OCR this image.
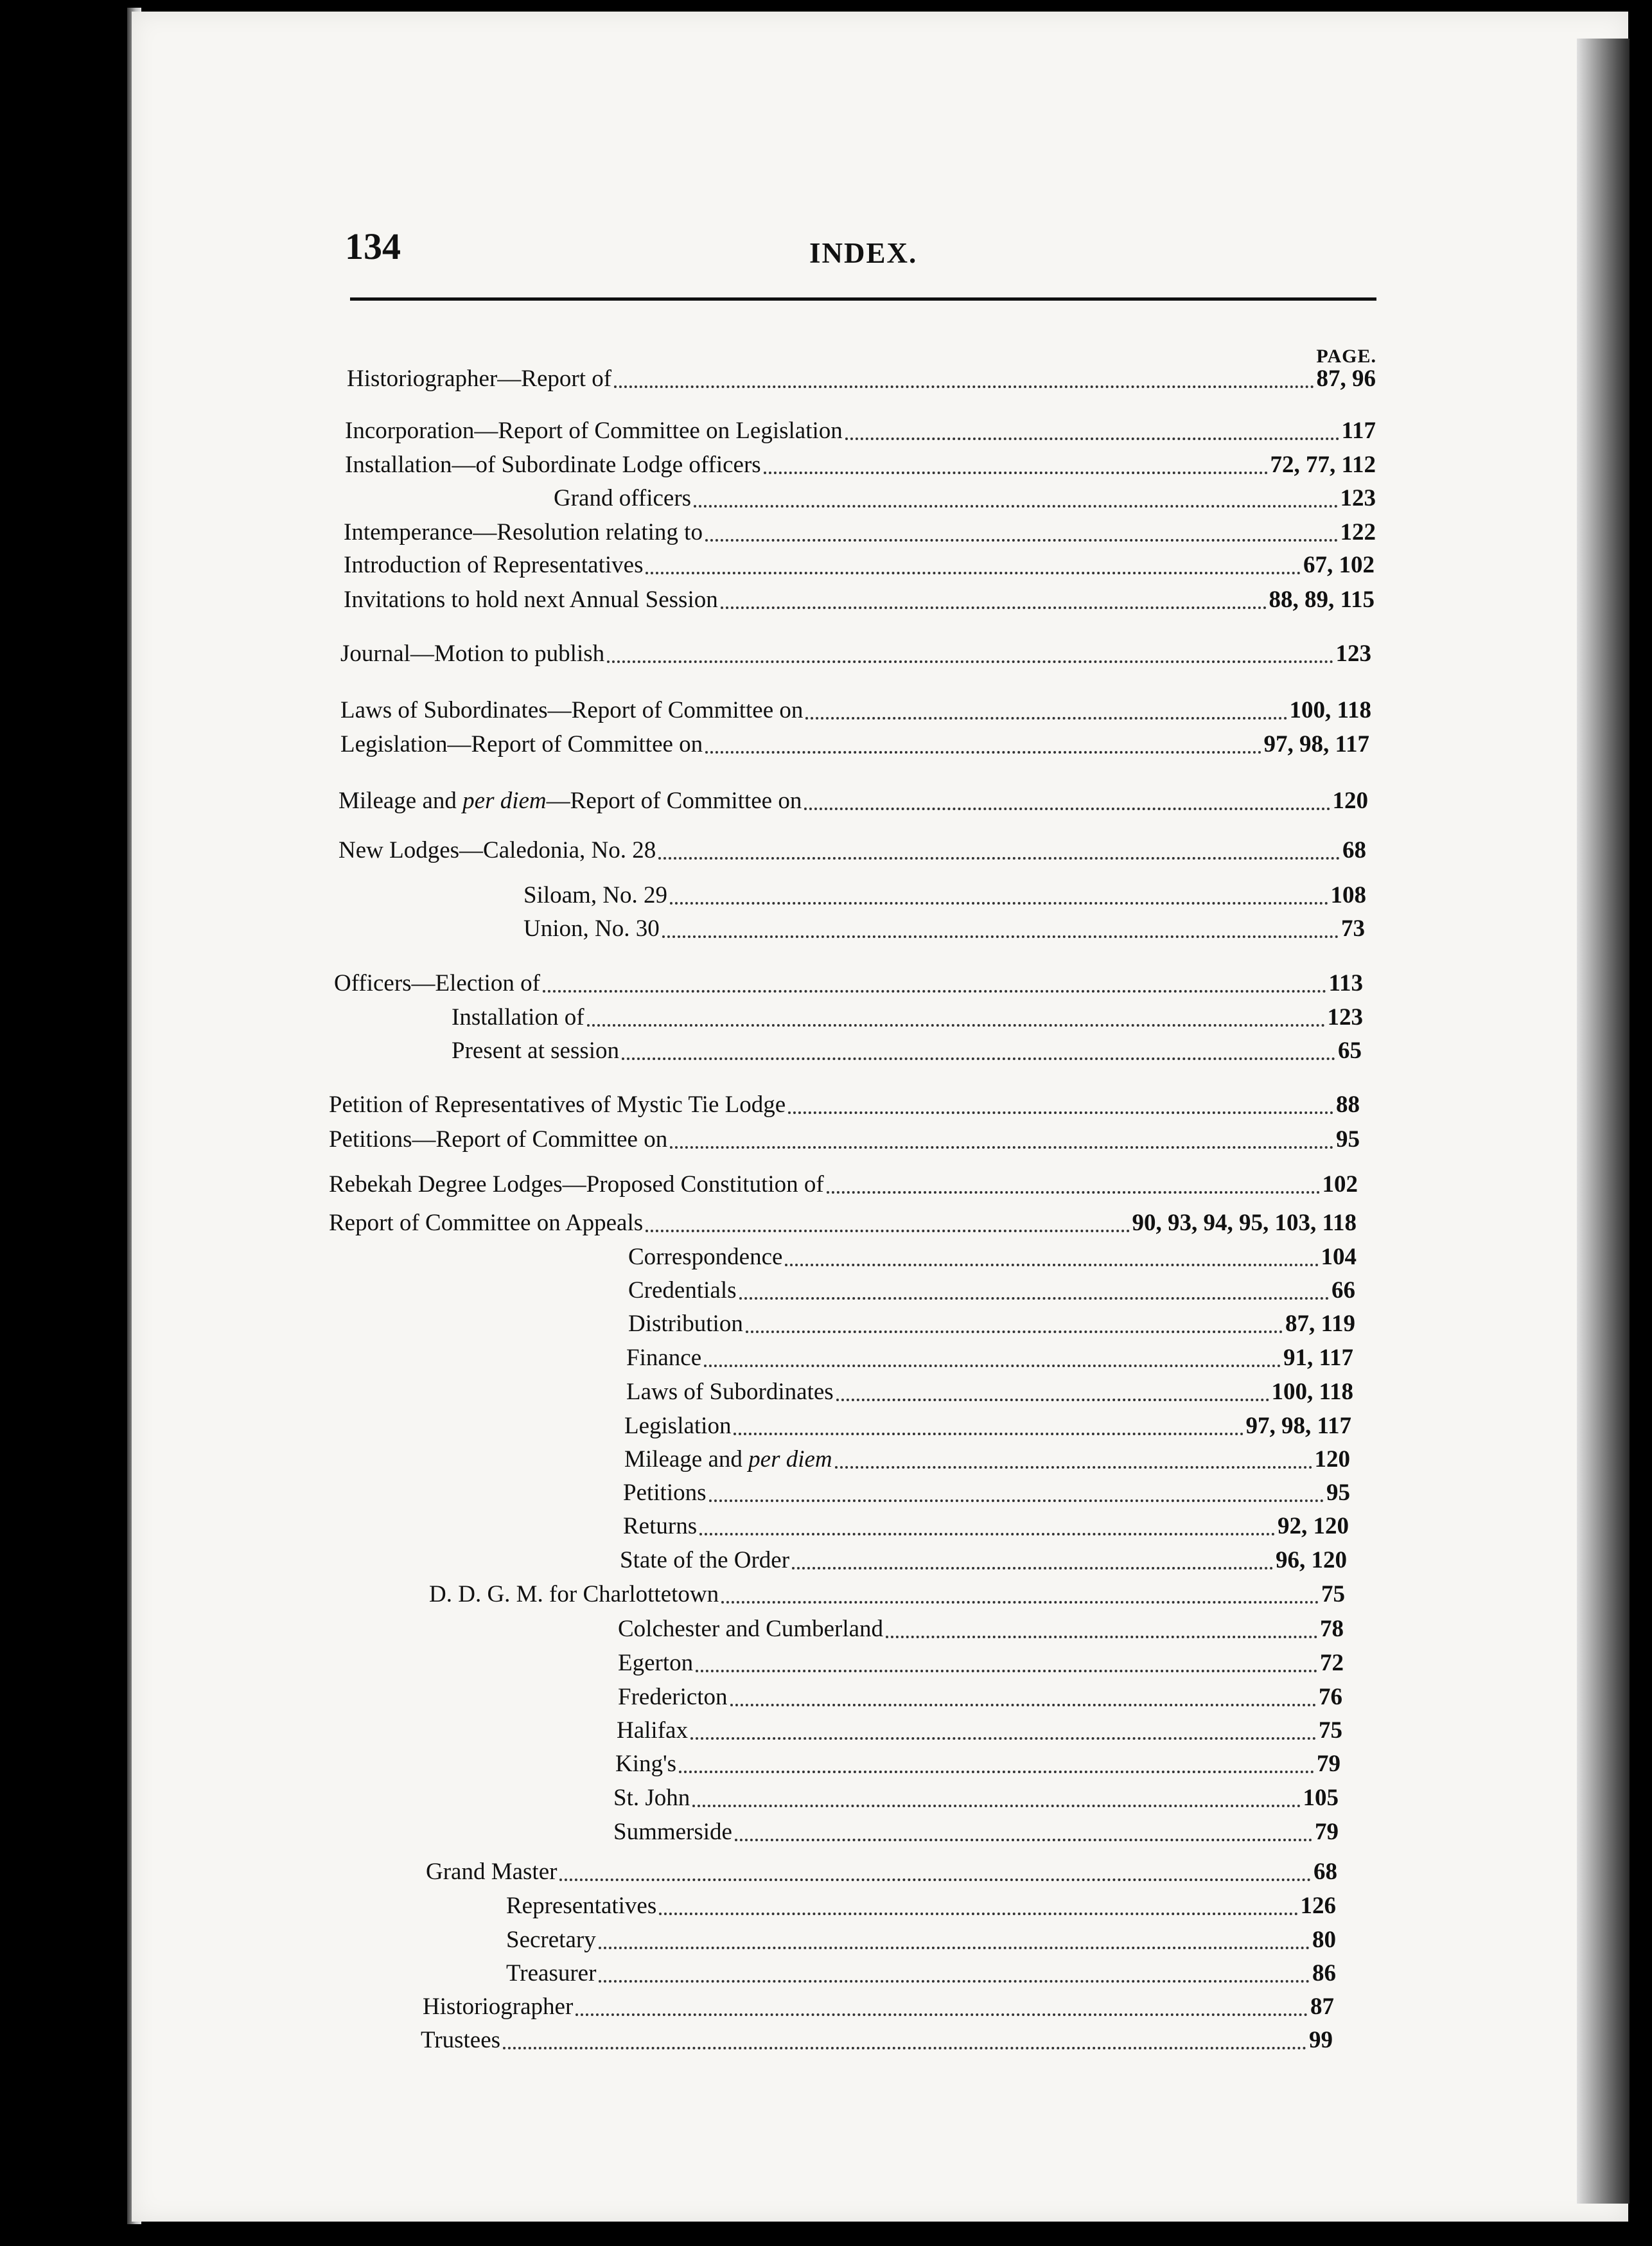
134	INDEX.
PAGE.
Historiographer—Report of	87, 96
Incorporation—Report of Committee on Legislation	117
Installation—of Subordinate Lodge officers	72, 77, 112
Grand officers	123
Intemperance—Resolution relating to	122
Introduction of Representatives	67, 102
Invitations to hold next Annual Session	88, 89, 115
Journal—Motion to publish	123
Laws of Subordinates—Report of Committee on	100, 118
Legislation—Report of Committee on	97, 98, 117
Mileage and per diem—Report of Committee on	120
New Lodges—Caledonia, No. 28	68
Siloam, No. 29	108
Union, No. 30	73
Officers—Election of	113
Installation of	123
Present at session	65
Petition of Representatives of Mystic Tie Lodge	88
Petitions—Report of Committee on	95
Rebekah Degree Lodges—Proposed Constitution of	102
Report of Committee on Appeals	90, 93, 94, 95, 103, 118
Correspondence	104
Credentials	66
Distribution	87, 119
Finance	91, 117
Laws of Subordinates	100, 118
Legislation	97, 98, 117
Mileage and per diem	120
Petitions	95
Returns	92, 120
State of the Order	96, 120
D. D. G. M. for Charlottetown	75
Colchester and Cumberland	78
Egerton	72
Fredericton	76
Halifax	75
King's	79
St. John	105
Summerside	79
Grand Master	68
Representatives	126
Secretary	80
Treasurer	86
Historiographer	87
Trustees	99
